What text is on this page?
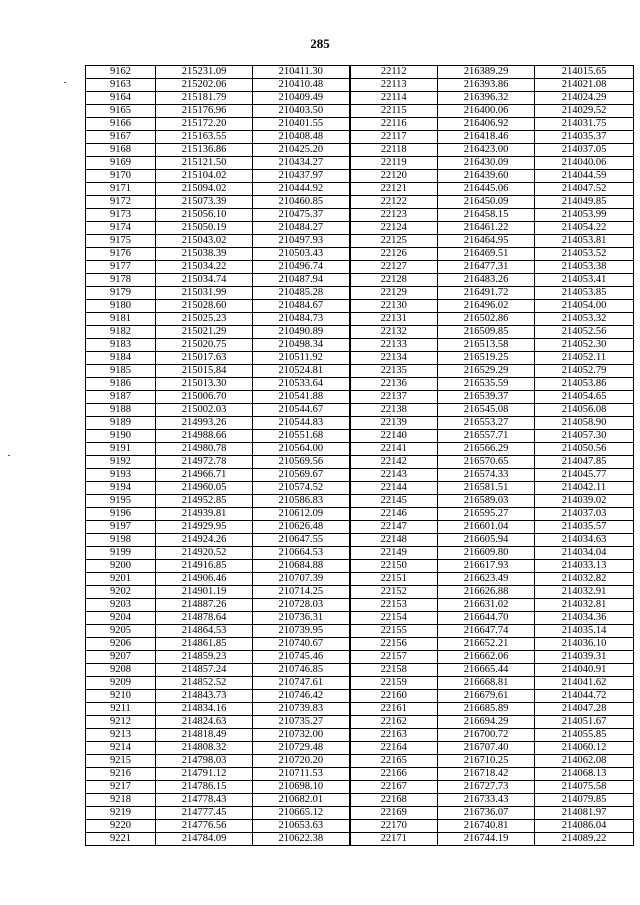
285
9162	215231.09	210411.30	22112	216389.29	214015.65
9163	215202.06	210410.48	22113	216393.86	214021.08
9164	215181.79	210409.49	22114	216396.32	214024.29
9165	215176.96	210403.50	22115	216400.06	214029.52
9166	215172.20	210401.55	22116	216406.92	214031.75
9167	215163.55	210408.48	22117	216418.46	214035.37
9168	215136.86	210425.20	22118	216423.00	214037.05
9169	215121.50	210434.27	22119	216430.09	214040.06
9170	215104.02	210437.97	22120	216439.60	214044.59
9171	215094.02	210444.92	22121	216445.06	214047.52
9172	215073.39	210460.85	22122	216450.09	214049.85
9173	215056.10	210475.37	22123	216458.15	214053.99
9174	215050.19	210484.27	22124	216461.22	214054.22
9175	215043.02	210497.93	22125	216464.95	214053.81
9176	215038.39	210503.43	22126	216469.51	214053.52
9177	215034.22	210496.74	22127	216477.31	214053.38
9178	215034.74	210487.94	22128	216483.26	214053.41
9179	215031.99	210485.28	22129	216491.72	214053.85
9180	215028.60	210484.67	22130	216496.02	214054.00
9181	215025.23	210484.73	22131	216502.86	214053.32
9182	215021.29	210490.89	22132	216509.85	214052.56
9183	215020.75	210498.34	22133	216513.58	214052.30
9184	215017.63	210511.92	22134	216519.25	214052.11
9185	215015.84	210524.81	22135	216529.29	214052.79
9186	215013.30	210533.64	22136	216535.59	214053.86
9187	215006.70	210541.88	22137	216539.37	214054.65
9188	215002.03	210544.67	22138	216545.08	214056.08
9189	214993.26	210544.83	22139	216553.27	214058.90
9190	214988.66	210551.68	22140	216557.71	214057.30
9191	214980.78	210564.00	22141	216566.29	214050.56
9192	214972.78	210569.56	22142	216570.65	214047.85
9193	214966.71	210569.67	22143	216574.33	214045.77
9194	214960.05	210574.52	22144	216581.51	214042.11
9195	214952.85	210586.83	22145	216589.03	214039.02
9196	214939.81	210612.09	22146	216595.27	214037.03
9197	214929.95	210626.48	22147	216601.04	214035.57
9198	214924.26	210647.55	22148	216605.94	214034.63
9199	214920.52	210664.53	22149	216609.80	214034.04
9200	214916.85	210684.88	22150	216617.93	214033.13
9201	214906.46	210707.39	22151	216623.49	214032.82
9202	214901.19	210714.25	22152	216626.88	214032.91
9203	214887.26	210728.03	22153	216631.02	214032.81
9204	214878.64	210736.31	22154	216644.70	214034.36
9205	214864.53	210739.95	22155	216647.74	214035.14
9206	214861.85	210740.67	22156	216652.21	214036.10
9207	214859.23	210745.46	22157	216662.06	214039.31
9208	214857.24	210746.85	22158	216665.44	214040.91
9209	214852.52	210747.61	22159	216668.81	214041.62
9210	214843.73	210746.42	22160	216679.61	214044.72
9211	214834.16	210739.83	22161	216685.89	214047.28
9212	214824.63	210735.27	22162	216694.29	214051.67
9213	214818.49	210732.00	22163	216700.72	214055.85
9214	214808.32	210729.48	22164	216707.40	214060.12
9215	214798.03	210720.20	22165	216710.25	214062.08
9216	214791.12	210711.53	22166	216718.42	214068.13
9217	214786.15	210698.10	22167	216727.73	214075.58
9218	214778.43	210682.01	22168	216733.43	214079.85
9219	214777.45	210665.12	22169	216736.07	214081.97
9220	214776.56	210653.63	22170	216740.81	214086.04
9221	214784.09	210622.38	22171	216744.19	214089.22
